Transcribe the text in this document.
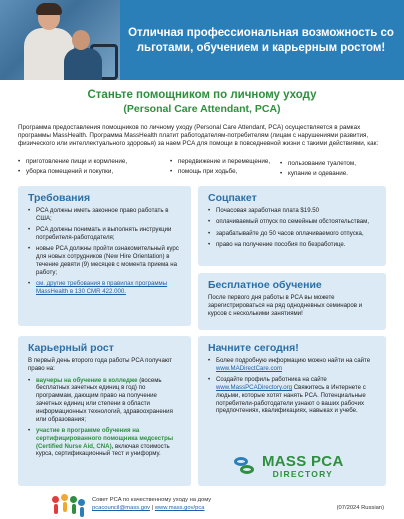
Отличная профессиональная возможность со
льготами, обучением и карьерным ростом!
Станьте помощником по личному уходу
(Personal Care Attendant, PCA)

Программа предоставления помощников по личному уходу (Personal Care Attendant, PCA) осуществляется в рамках программы MassHealth. Программа MassHealth платит работодателям-потребителям (лицам с нарушениями развития, физического или интеллектуального здоровья) за наем PCA для помощи в повседневной жизни с такими действиями, как:

• приготовление пищи и кормление,	• передвижение и перемещение,	• пользование туалетом,
• уборка помещений и покупки,	• помощь при ходьбе,	• купание и одевание.
Требования
• PCA должны иметь законное право работать в США;
• PCA должны понимать и выполнять инструкции потребителя-работодателя;
• новые PCA должны пройти ознакомительный курс для новых сотрудников (New Hire Orientation) в течение девяти (9) месяцев с момента приема на работу;
• см. другие требования в правилах программы MassHealth в 130 CMR 422.000.
Соцпакет
• Почасовая заработная плата $19.50
• оплачиваемый отпуск по семейным обстоятельствам,
• зарабатывайте до 50 часов оплачиваемого отпуска,
• право на получение пособия по безработице.
Бесплатное обучение

После первого дня работы в PCA вы можете зарегистрироваться на ряд однодневных семинаров и курсов с несколькими занятиями!

Карьерный рост

В первый день второго года работы PCA получают право на:

• ваучеры на обучение в колледже (восемь бесплатных зачетных единиц в год) по программам, дающим право на получение зачетных единиц или степени в области информационных технологий, здравоохранения или образования;
• участие в программе обучения на сертифицированного помощника медсестры (Certified Nurse Aid, CNA), включая стоимость курса, сертификационный тест и униформу.
Начните сегодня!
• Более подробную информацию можно найти на сайте www.MADirectCare.com
• Создайте профиль работника на сайте www.MassPCADirectory.org Свяжитесь в Интернете с людьми, которые хотят нанять PCA. Потенциальные потребители-работодатели узнают о ваших рабочих предпочтениях, квалификациях, навыках и учебе.
MASS PCA
DIRECTORY
Совет PCA по качественному уходу на дому
pcacouncil@mass.gov | www.mass.gov/pca	(07/2024 Russian)
